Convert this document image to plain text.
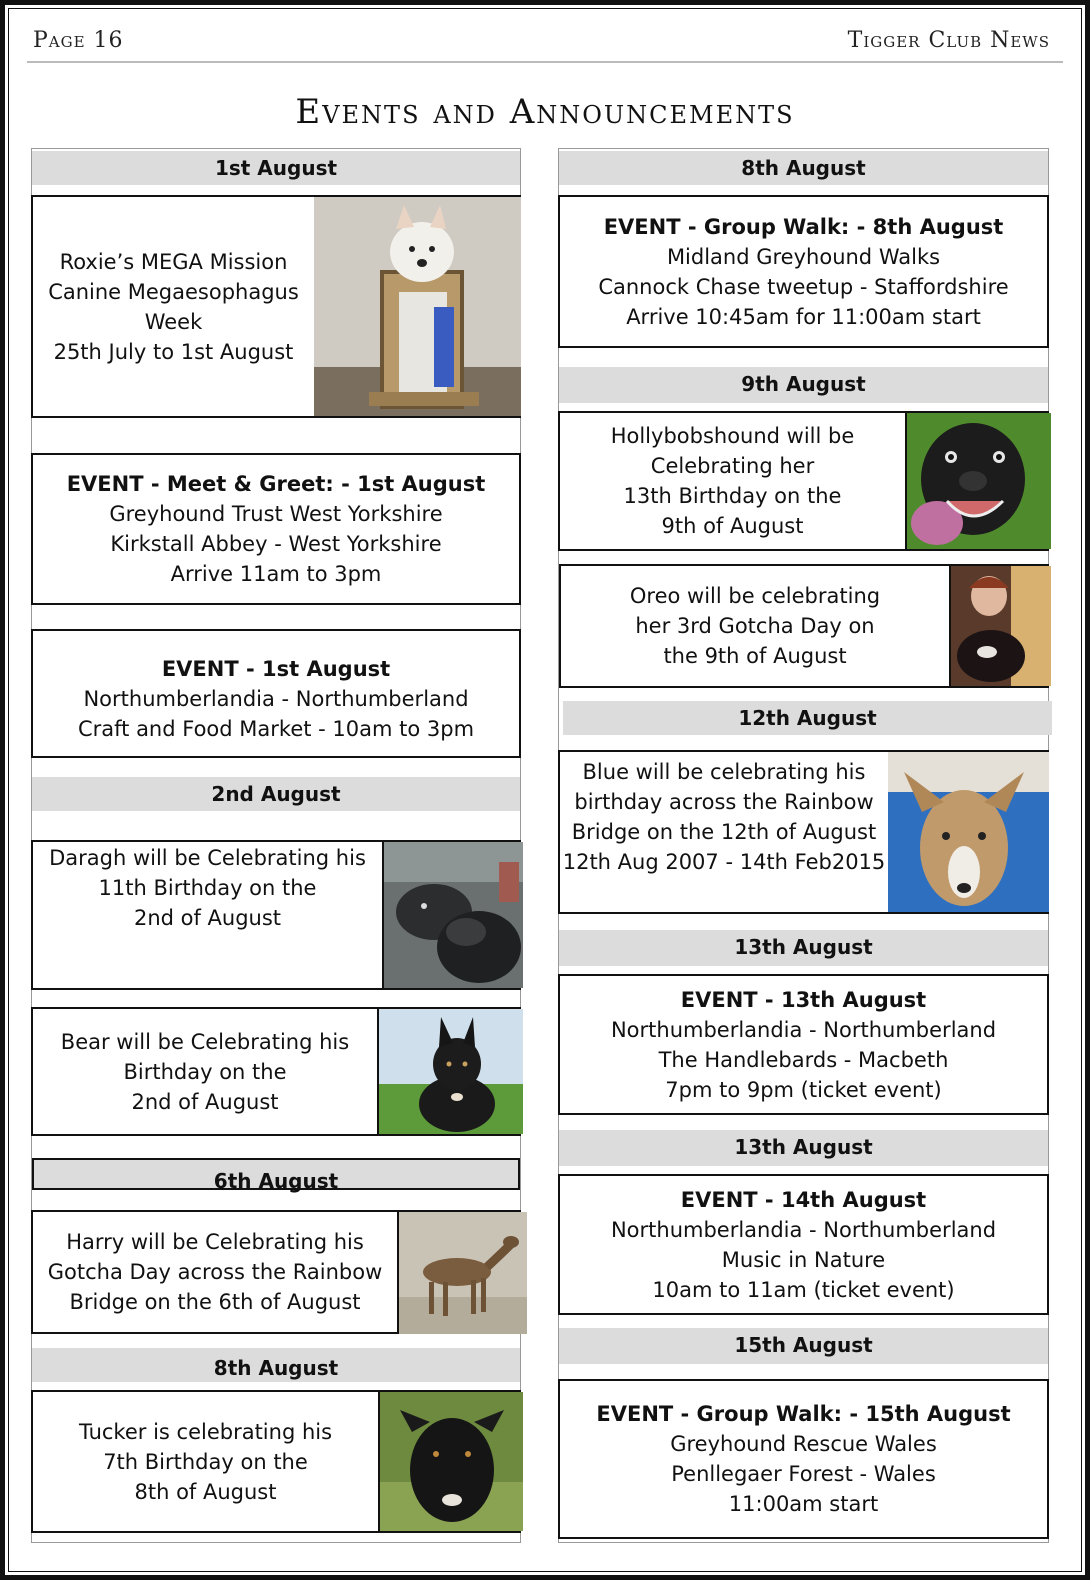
Page 16	Tigger Club News
Events and Announcements
1st August
Roxie’s MEGA Mission
Canine Megaesophagus
Week
25th July to 1st August
EVENT - Meet & Greet: - 1st August
Greyhound Trust West Yorkshire
Kirkstall Abbey - West Yorkshire
Arrive 11am to 3pm
EVENT - 1st August
Northumberlandia - Northumberland
Craft and Food Market - 10am to 3pm
2nd August
Daragh will be Celebrating his
11th Birthday on the
2nd of August
Bear will be Celebrating his
Birthday on the
2nd of August
6th August
Harry will be Celebrating his
Gotcha Day across the Rainbow
Bridge on the 6th of August
8th August
Tucker is celebrating his
7th Birthday on the
8th of August
8th August
EVENT - Group Walk: - 8th August
Midland Greyhound Walks
Cannock Chase tweetup - Staffordshire
Arrive 10:45am for 11:00am start
9th August
Hollybobshound will be
Celebrating her
13th Birthday on the
9th of August
Oreo will be celebrating
her 3rd Gotcha Day on
the 9th of August
12th August
Blue will be celebrating his
birthday across the Rainbow
Bridge on the 12th of August
12th Aug 2007 - 14th Feb2015
13th August
EVENT - 13th August
Northumberlandia - Northumberland
The Handlebards - Macbeth
7pm to 9pm (ticket event)
13th August
EVENT - 14th August
Northumberlandia - Northumberland
Music in Nature
10am to 11am (ticket event)
15th August
EVENT - Group Walk: - 15th August
Greyhound Rescue Wales
Penllegaer Forest - Wales
11:00am start
